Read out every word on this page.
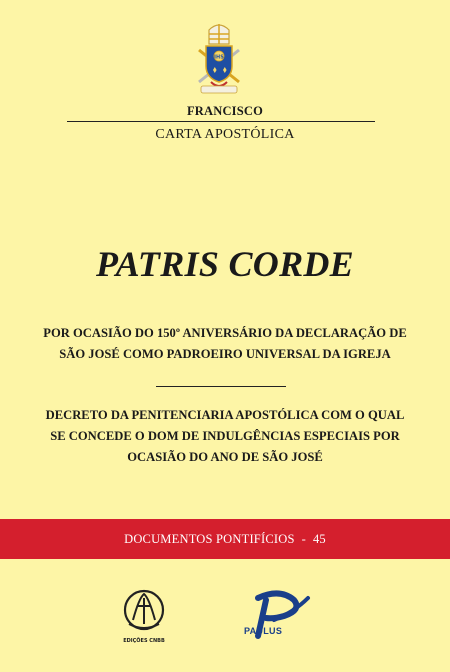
IHS
FRANCISCO
CARTA APOSTÓLICA
PATRIS CORDE
POR OCASIÃO DO 150º ANIVERSÁRIO DA DECLARAÇÃO DE
SÃO JOSÉ COMO PADROEIRO UNIVERSAL DA IGREJA
DECRETO DA PENITENCIARIA APOSTÓLICA COM O QUAL
SE CONCEDE O DOM DE INDULGÊNCIAS ESPECIAIS POR
OCASIÃO DO ANO DE SÃO JOSÉ
DOCUMENTOS PONTIFÍCIOS - 45
EDIÇÕES CNBB
PAULUS
